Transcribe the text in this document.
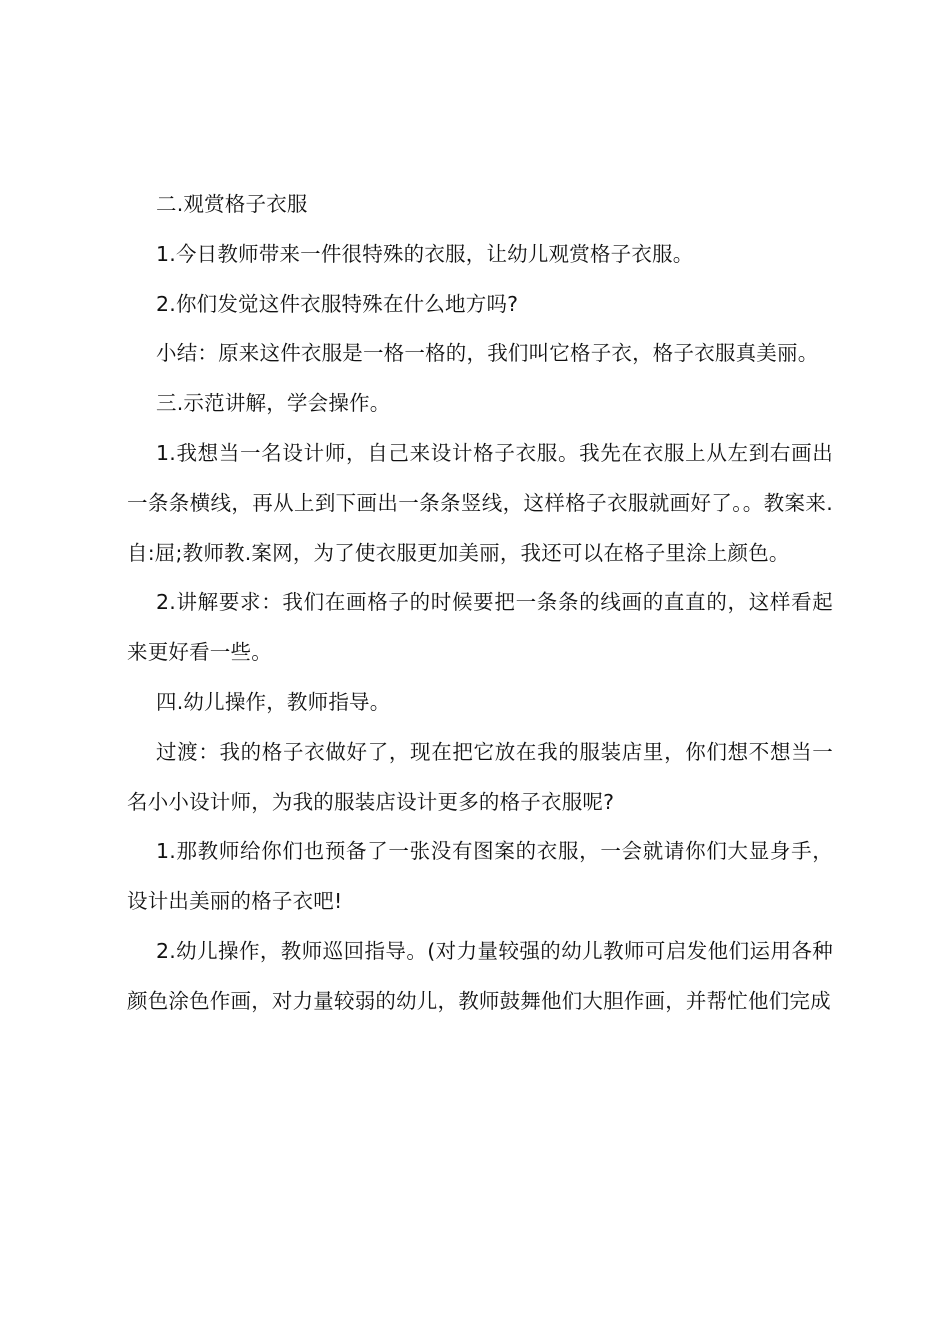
二.观赏格子衣服

1.今日教师带来一件很特殊的衣服，让幼儿观赏格子衣服。

2.你们发觉这件衣服特殊在什么地方吗?

小结：原来这件衣服是一格一格的，我们叫它格子衣，格子衣服真美丽。

三.示范讲解，学会操作。

1.我想当一名设计师，自己来设计格子衣服。我先在衣服上从左到右画出一条条横线，再从上到下画出一条条竖线，这样格子衣服就画好了。。教案来.自:屈;教师教.案网，为了使衣服更加美丽，我还可以在格子里涂上颜色。

2.讲解要求：我们在画格子的时候要把一条条的线画的直直的，这样看起来更好看一些。

四.幼儿操作，教师指导。

过渡：我的格子衣做好了，现在把它放在我的服装店里，你们想不想当一名小小设计师，为我的服装店设计更多的格子衣服呢?

1.那教师给你们也预备了一张没有图案的衣服，一会就请你们大显身手，设计出美丽的格子衣吧!

2.幼儿操作，教师巡回指导。(对力量较强的幼儿教师可启发他们运用各种颜色涂色作画，对力量较弱的幼儿，教师鼓舞他们大胆作画，并帮忙他们完成
